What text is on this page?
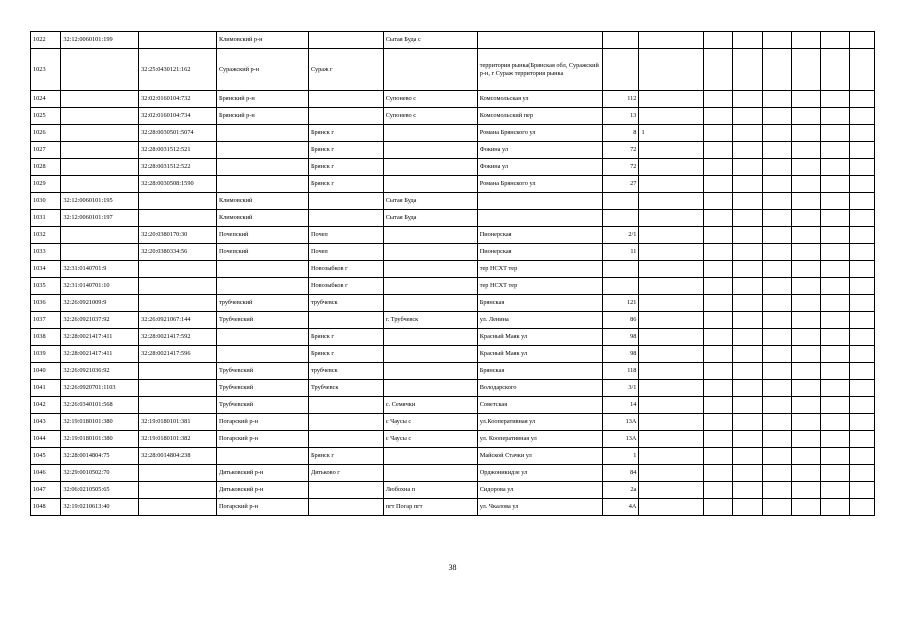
1022	32:12:0060101:199		Климовский р-н		Сытая Буда с									
1023		32:25:0430121:162	Суражский р-н	Сураж г		территория рынка(Брянская обл, Суражский р-н, г Сураж территория рынка								
1024		32:02:0160104:732	Брянский р-н		Супонево с	Комсомольская ул	112							
1025		32:02:0160104:734	Брянский р-н		Супонево с	Комсомольский пер	13							
1026		32:28:0030501:5074		Брянск г		Романа Брянского ул	8	1						
1027		32:28:0031512:521		Брянск г		Фокина ул	72							
1028		32:28:0031512:522		Брянск г		Фокина ул	72							
1029		32:28:0030508:1590		Брянск г		Романа Брянского ул	27							
1030	32:12:0060101:195		Климовский		Сытая Буда									
1031	32:12:0060101:197		Климовский		Сытая Буда									
1032		32:20:0380170:30	Почепский	Почеп		Пионерская	2/1							
1033		32:20:0380334:56	Почепский	Почеп		Пионерская	11							
1034	32:31:0140701:9			Новозыбков г		тер НСХТ тер								
1035	32:31:0140701:10			Новозыбков г		тер НСХТ тер								
1036	32:26:0921009:9		трубчевский	трубчевск		Брянская	121							
1037	32:26:0921037:92	32:26:0921067:144	Трубчевский		г. Трубчевск	ул. Ленина	86							
1038	32:28:0021417:411	32:28:0021417:592		Брянск г		Красный Маяк ул	98							
1039	32:28:0021417:411	32:28:0021417:596		Брянск г		Красный Маяк ул	98							
1040	32:26:0921036:92		Трубчевский	трубчевск		Брянская	118							
1041	32:26:0920701:1103		Трубчевский	Трубчевск		Володарского	3/1							
1042	32:26:0340101:568		Трубчевский		с. Семячки	Советская	14							
1043	32:19:0180101:380	32:19:0180101:381	Погарский р-н		с Чаусы с	ул.Кооперативная ул	13А							
1044	32:19:0180101:380	32:19:0180101:382	Погарский р-н		с Чаусы с	ул. Кооперативная ул	13А							
1045	32:28:0014804:75	32:28:0014804:238		Брянск г		Майской Стачки ул	1							
1046	32:29:0010502:70		Дятьковский р-н	Дятьково г		Орджоникидзе ул	84							
1047	32:06:0210505:65		Дятьковский р-н		Любохна п	Сидорова ул	2а							
1048	32:19:0210613:40		Погарский р-н		пгт Погар пгт	ул. Чкалова ул	4А							
38
